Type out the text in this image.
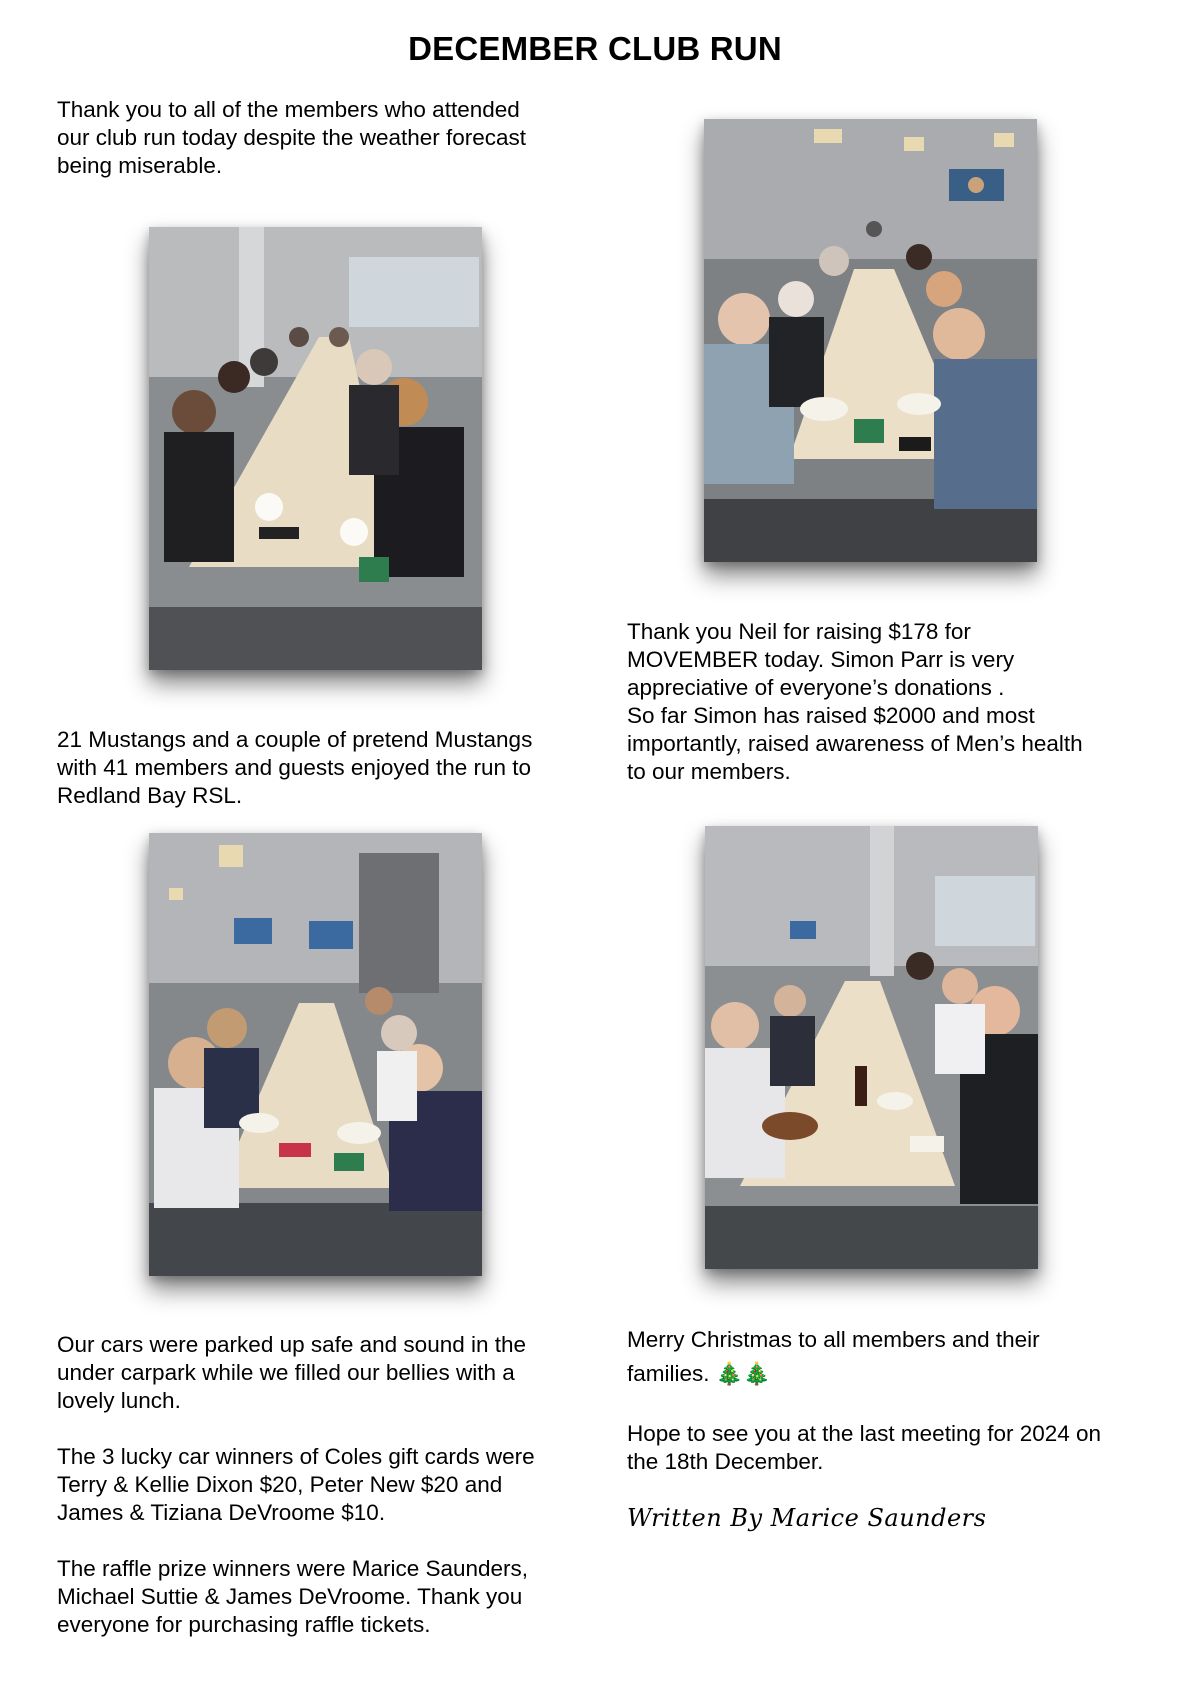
DECEMBER CLUB RUN

Thank you to all of the members who attended

our club run today despite the weather forecast

being miserable.

Thank you Neil for raising $178 for

MOVEMBER today. Simon Parr is very

appreciative of everyone’s donations .

So far Simon has raised $2000 and most

importantly, raised awareness of Men’s health

to our members.

21 Mustangs and a couple of pretend Mustangs

with 41 members and guests enjoyed the run to

Redland Bay RSL.

Our cars were parked up safe and sound in the

under carpark while we filled our bellies with a

lovely lunch.

The 3 lucky car winners of Coles gift cards were

Terry & Kellie Dixon $20, Peter New $20 and

James & Tiziana DeVroome $10.

The raffle prize winners were Marice Saunders,

Michael Suttie & James DeVroome. Thank you

everyone for purchasing raffle tickets.

Merry Christmas to all members and their

families. 🎄🎄

Hope to see you at the last meeting for 2024 on

the 18th December.

Written By Marice Saunders
